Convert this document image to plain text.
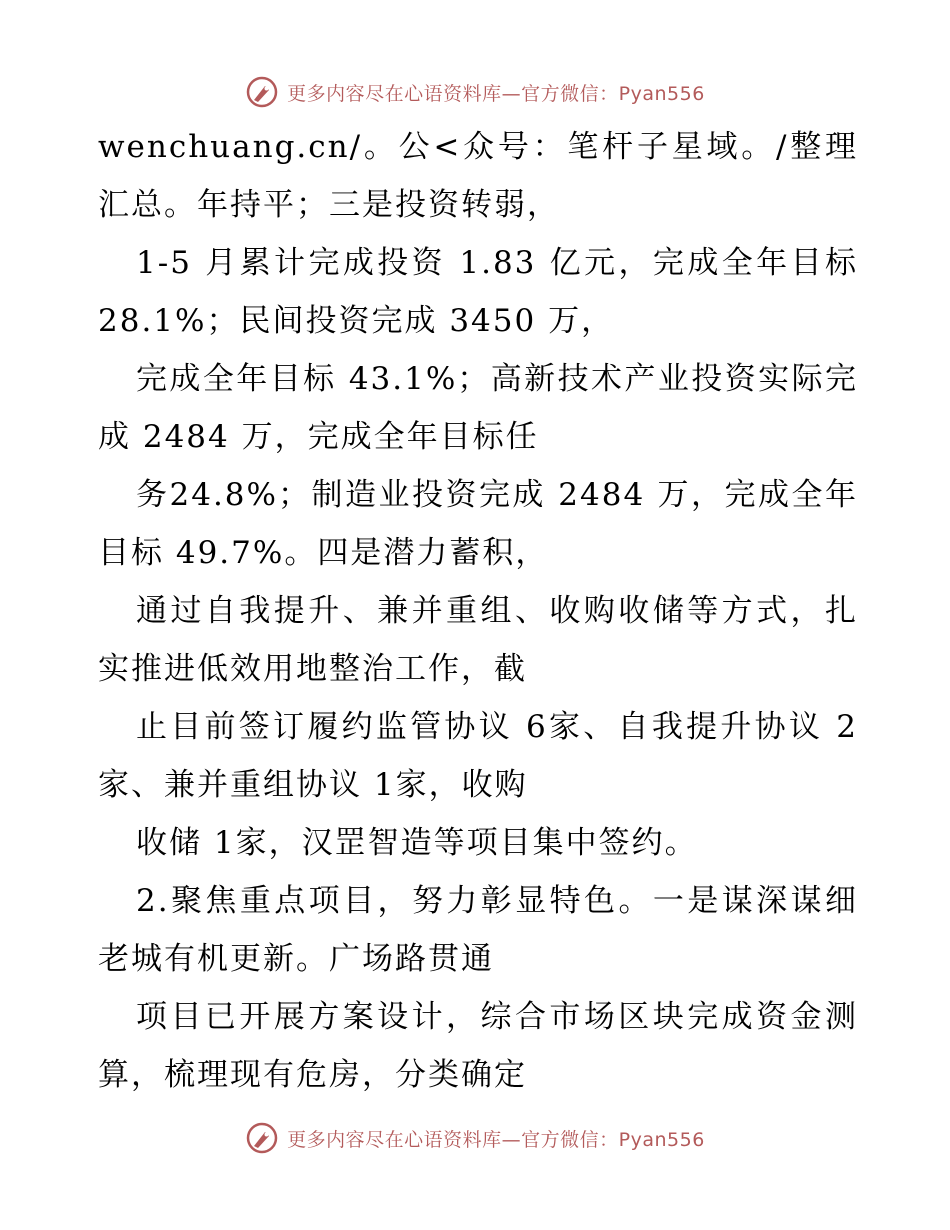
更多内容尽在心语资料库—官方微信：Pyan556

wenchuang.cn/。公<众号：笔杆子星域。/整理汇总。年持平；三是投资转弱，

1-5 月累计完成投资 1.83 亿元，完成全年目标 28.1%；民间投资完成 3450 万，

完成全年目标 43.1%；高新技术产业投资实际完成 2484 万，完成全年目标任

务24.8%；制造业投资完成 2484 万，完成全年目标 49.7%。四是潜力蓄积，

通过自我提升、兼并重组、收购收储等方式，扎实推进低效用地整治工作，截

止目前签订履约监管协议 6家、自我提升协议 2家、兼并重组协议 1家，收购

收储 1家，汉罡智造等项目集中签约。

2.聚焦重点项目，努力彰显特色。一是谋深谋细老城有机更新。广场路贯通

项目已开展方案设计，综合市场区块完成资金测算，梳理现有危房，分类确定

更多内容尽在心语资料库—官方微信：Pyan556
